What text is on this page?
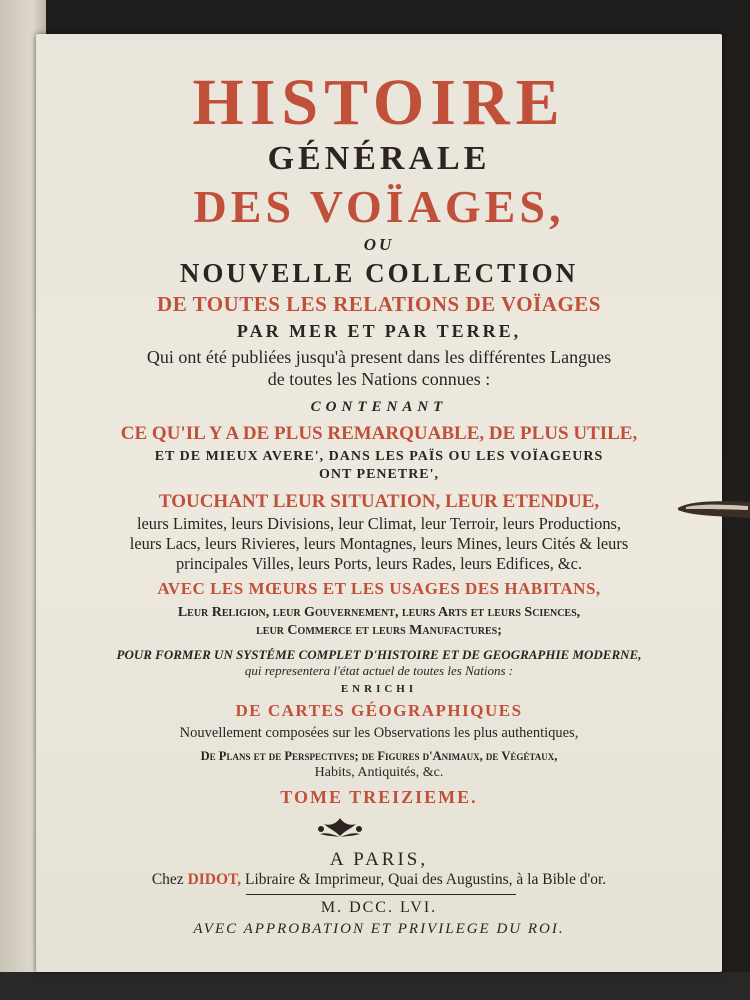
HISTOIRE
GÉNÉRALE
DES VOÏAGES,
OU
NOUVELLE COLLECTION
DE TOUTES LES RELATIONS DE VOÏAGES
PAR MER ET PAR TERRE,
Qui ont été publiées jusqu'à present dans les différentes Langues
de toutes les Nations connues :
CONTENANT
CE QU'IL Y A DE PLUS REMARQUABLE, DE PLUS UTILE,
ET DE MIEUX AVERE', DANS LES PAÏS OU LES VOÏAGEURS
ONT PENETRE',
TOUCHANT LEUR SITUATION, LEUR ETENDUE,
leurs Limites, leurs Divisions, leur Climat, leur Terroir, leurs Productions,
leurs Lacs, leurs Rivieres, leurs Montagnes, leurs Mines, leurs Cités & leurs
principales Villes, leurs Ports, leurs Rades, leurs Edifices, &c.
AVEC LES MŒURS ET LES USAGES DES HABITANS,
Leur Religion, leur Gouvernement, leurs Arts et leurs Sciences,
leur Commerce et leurs Manufactures;
POUR FORMER UN SYSTÉME COMPLET D'HISTOIRE ET DE GEOGRAPHIE MODERNE,
qui representera l'état actuel de toutes les Nations :
ENRICHI
DE CARTES GÉOGRAPHIQUES
Nouvellement composées sur les Observations les plus authentiques,
De Plans et de Perspectives; de Figures d'Animaux, de Végétaux,
Habits, Antiquités, &c.
TOME TREIZIEME.
A PARIS,
Chez DIDOT, Libraire & Imprimeur, Quai des Augustins, à la Bible d'or.
M. DCC. LVI.
AVEC APPROBATION ET PRIVILEGE DU ROI.
